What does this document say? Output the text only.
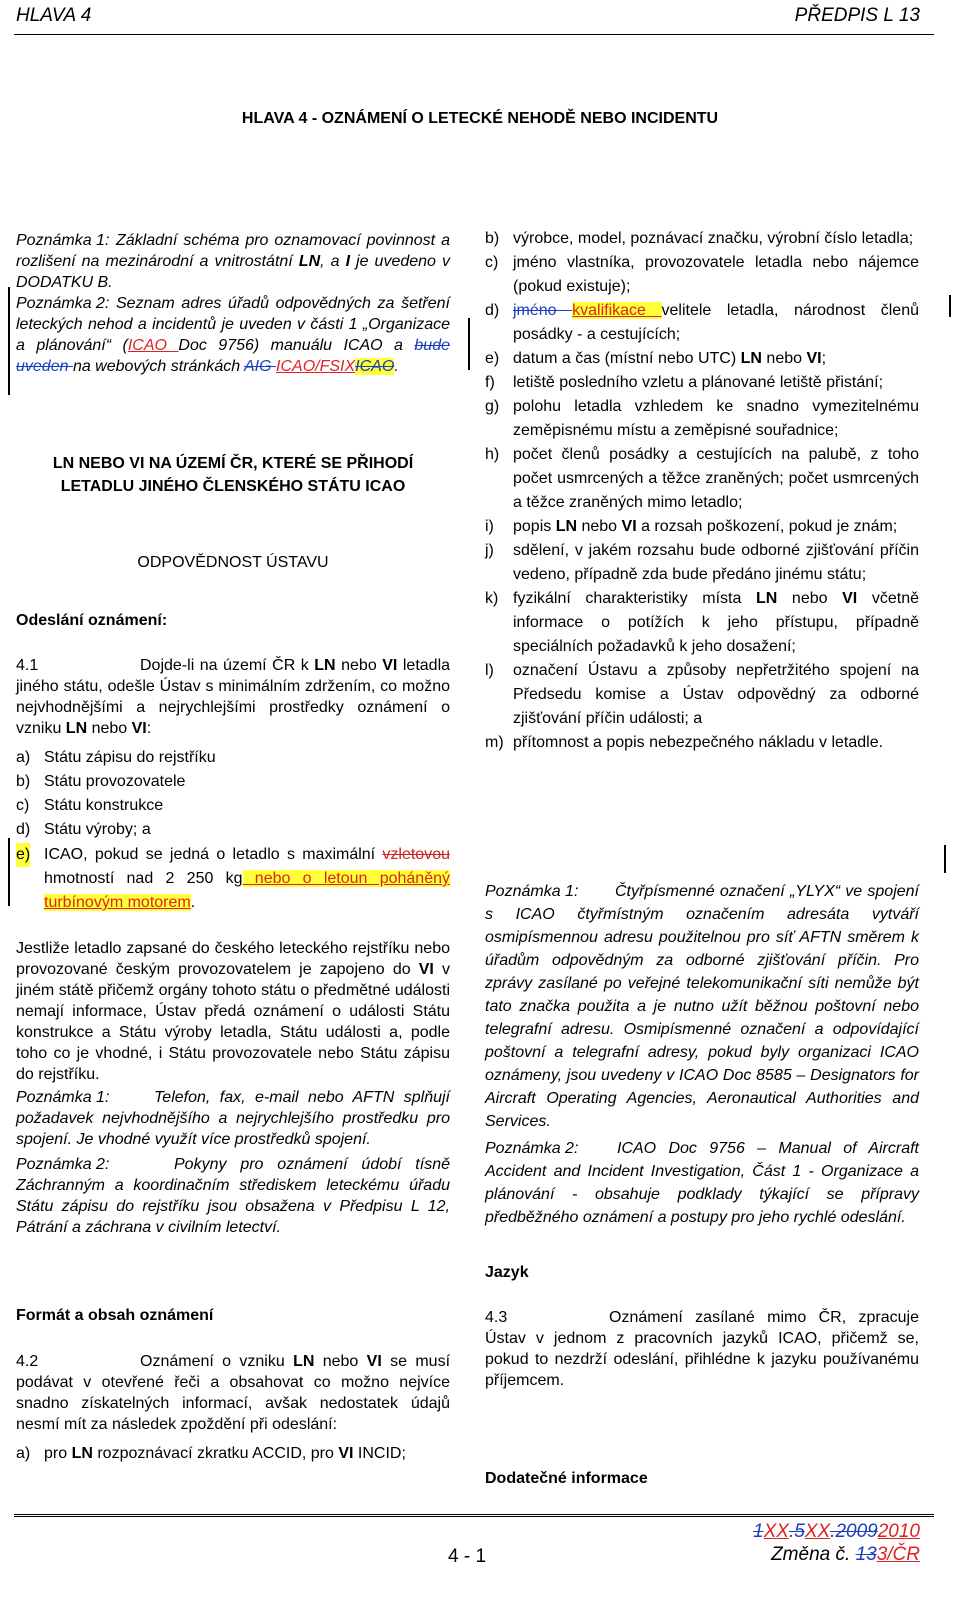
HLAVA 4	PŘEDPIS L 13
HLAVA 4 - OZNÁMENÍ O LETECKÉ NEHODĚ NEBO INCIDENTU

Poznámka 1: Základní schéma pro oznamovací povinnost a rozlišení na mezinárodní a vnitrostátní LN, a I je uvedeno v DODATKU B.

Poznámka 2: Seznam adres úřadů odpovědných za šetření leteckých nehod a incidentů je uveden v části 1 „Organizace a plánování“ (ICAO Doc 9756) manuálu ICAO a bude uveden na webových stránkách AIG ICAO/FSIXICAO.

LN NEBO VI NA ÚZEMÍ ČR, KTERÉ SE PŘIHODÍ LETADLU JINÉHO ČLENSKÉHO STÁTU ICAO
ODPOVĚDNOST ÚSTAVU
Odeslání oznámení:

4.1	Dojde-li na území ČR k LN nebo VI letadla jiného státu, odešle Ústav s minimálním zdržením, co možno nejvhodnějšími a nejrychlejšími prostředky oznámení o vzniku LN nebo VI:

a) Státu zápisu do rejstříku
b) Státu provozovatele
c) Státu konstrukce
d) Státu výroby; a
e) ICAO, pokud se jedná o letadlo s maximální vzletovou hmotností nad 2 250 kg nebo o letoun poháněný turbínovým motorem.

Jestliže letadlo zapsané do českého leteckého rejstříku nebo provozované českým provozovatelem je zapojeno do VI v jiném státě přičemž orgány tohoto státu o předmětné události nemají informace, Ústav předá oznámení o události Státu konstrukce a Státu výroby letadla, Státu události a, podle toho co je vhodné, i Státu provozovatele nebo Státu zápisu do rejstříku.

Poznámka 1:	Telefon, fax, e-mail nebo AFTN splňují požadavek nejvhodnějšího a nejrychlejšího prostředku pro spojení. Je vhodné využít více prostředků spojení.

Poznámka 2:	Pokyny pro oznámení údobí tísně Záchranným a koordinačním střediskem leteckému úřadu Státu zápisu do rejstříku jsou obsažena v Předpisu L 12, Pátrání a záchrana v civilním letectví.

Formát a obsah oznámení

4.2	Oznámení o vzniku LN nebo VI se musí podávat v otevřené řeči a obsahovat co možno nejvíce snadno získatelných informací, avšak nedostatek údajů nesmí mít za následek zpoždění při odeslání:

a) pro LN rozpoznávací zkratku ACCID, pro VI INCID;
b) výrobce, model, poznávací značku, výrobní číslo letadla;
c) jméno vlastníka, provozovatele letadla nebo nájemce (pokud existuje);
d) jméno kvalifikace velitele letadla, národnost členů posádky - a cestujících;
e) datum a čas (místní nebo UTC) LN nebo VI;
f) letiště posledního vzletu a plánované letiště přistání;
g) polohu letadla vzhledem ke snadno vymezitelnému zeměpisnému místu a zeměpisné souřadnice;
h) počet členů posádky a cestujících na palubě, z toho počet usmrcených a těžce zraněných; počet usmrcených a těžce zraněných mimo letadlo;
i) popis LN nebo VI a rozsah poškození, pokud je znám;
j) sdělení, v jakém rozsahu bude odborné zjišťování příčin vedeno, případně zda bude předáno jinému státu;
k) fyzikální charakteristiky místa LN nebo VI včetně informace o potížích k jeho přístupu, případně speciálních požadavků k jeho dosažení;
l) označení Ústavu a způsoby nepřetržitého spojení na Předsedu komise a Ústav odpovědný za odborné zjišťování příčin události; a
m) přítomnost a popis nebezpečného nákladu v letadle.

Poznámka 1: Čtyřpísmenné označení „YLYX“ ve spojení s ICAO čtyřmístným označením adresáta vytváří osmipísmennou adresu použitelnou pro síť AFTN směrem k úřadům odpovědným za odborné zjišťování příčin. Pro zprávy zasílané po veřejné telekomunikační síti nemůže být tato značka použita a je nutno užít běžnou poštovní nebo telegrafní adresu. Osmipísmenné označení a odpovídající poštovní a telegrafní adresy, pokud byly organizaci ICAO oznámeny, jsou uvedeny v ICAO Doc 8585 – Designators for Aircraft Operating Agencies, Aeronautical Authorities and Services.

Poznámka 2: ICAO Doc 9756 – Manual of Aircraft Accident and Incident Investigation, Část 1 - Organizace a plánování - obsahuje podklady týkající se přípravy předběžného oznámení a postupy pro jeho rychlé odeslání.

Jazyk

4.3	Oznámení zasílané mimo ČR, zpracuje Ústav v jednom z pracovních jazyků ICAO, přičemž se, pokud to nezdrží odeslání, přihlédne k jazyku používanému příjemcem.

Dodatečné informace
4 - 1
1XX.5XX.20092010
Změna č. 133/ČR
